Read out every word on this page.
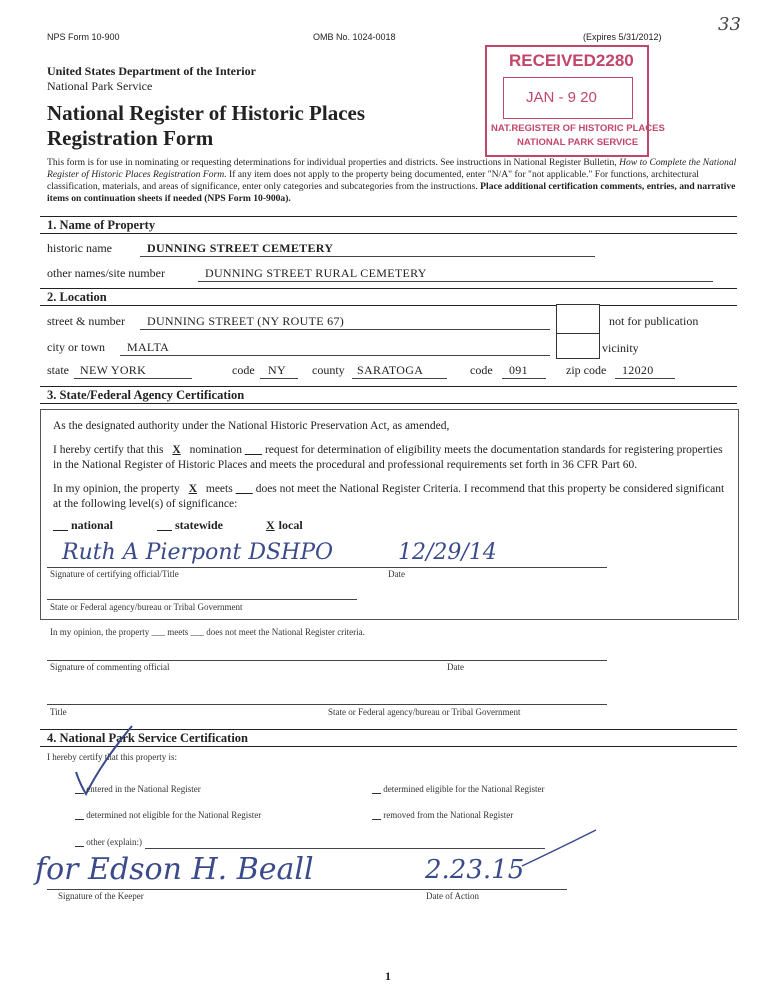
NPS Form 10-900	OMB No. 1024-0018	(Expires 5/31/2012)
33
United States Department of the Interior
National Park Service
National Register of Historic Places
Registration Form
RECEIVED2280
JAN - 9 20
NAT.REGISTER OF HISTORIC PLACES
NATIONAL PARK SERVICE
This form is for use in nominating or requesting determinations for individual properties and districts. See instructions in National Register Bulletin, How to Complete the National Register of Historic Places Registration Form. If any item does not apply to the property being documented, enter "N/A" for "not applicable." For functions, architectural classification, materials, and areas of significance, enter only categories and subcategories from the instructions. Place additional certification comments, entries, and narrative items on continuation sheets if needed (NPS Form 10-900a).
1. Name of Property
historic name	DUNNING STREET CEMETERY
other names/site number	DUNNING STREET RURAL CEMETERY
2. Location
street & number DUNNING STREET (NY ROUTE 67)	not for publication
city or town MALTA	vicinity
state NEW YORK	code NY county SARATOGA	code 091	zip code 12020
3. State/Federal Agency Certification
As the designated authority under the National Historic Preservation Act, as amended,
I hereby certify that this X nomination        request for determination of eligibility meets the documentation standards for registering properties in the National Register of Historic Places and meets the procedural and professional requirements set forth in 36 CFR Part 60.
In my opinion, the property X meets        does not meet the National Register Criteria. I recommend that this property be considered significant at the following level(s) of significance:
national	statewide	X local
Ruth A Pierpont DSHPO	12/29/14
Signature of certifying official/Title	Date
State or Federal agency/bureau or Tribal Government
In my opinion, the property ___ meets ___ does not meet the National Register criteria.
Signature of commenting official	Date
Title	State or Federal agency/bureau or Tribal Government
4. National Park Service Certification
I hereby certify that this property is:
entered in the National Register	determined eligible for the National Register
determined not eligible for the National Register	removed from the National Register
other (explain:)
for Edson H. Beall	2.23.15
Signature of the Keeper	Date of Action
1
